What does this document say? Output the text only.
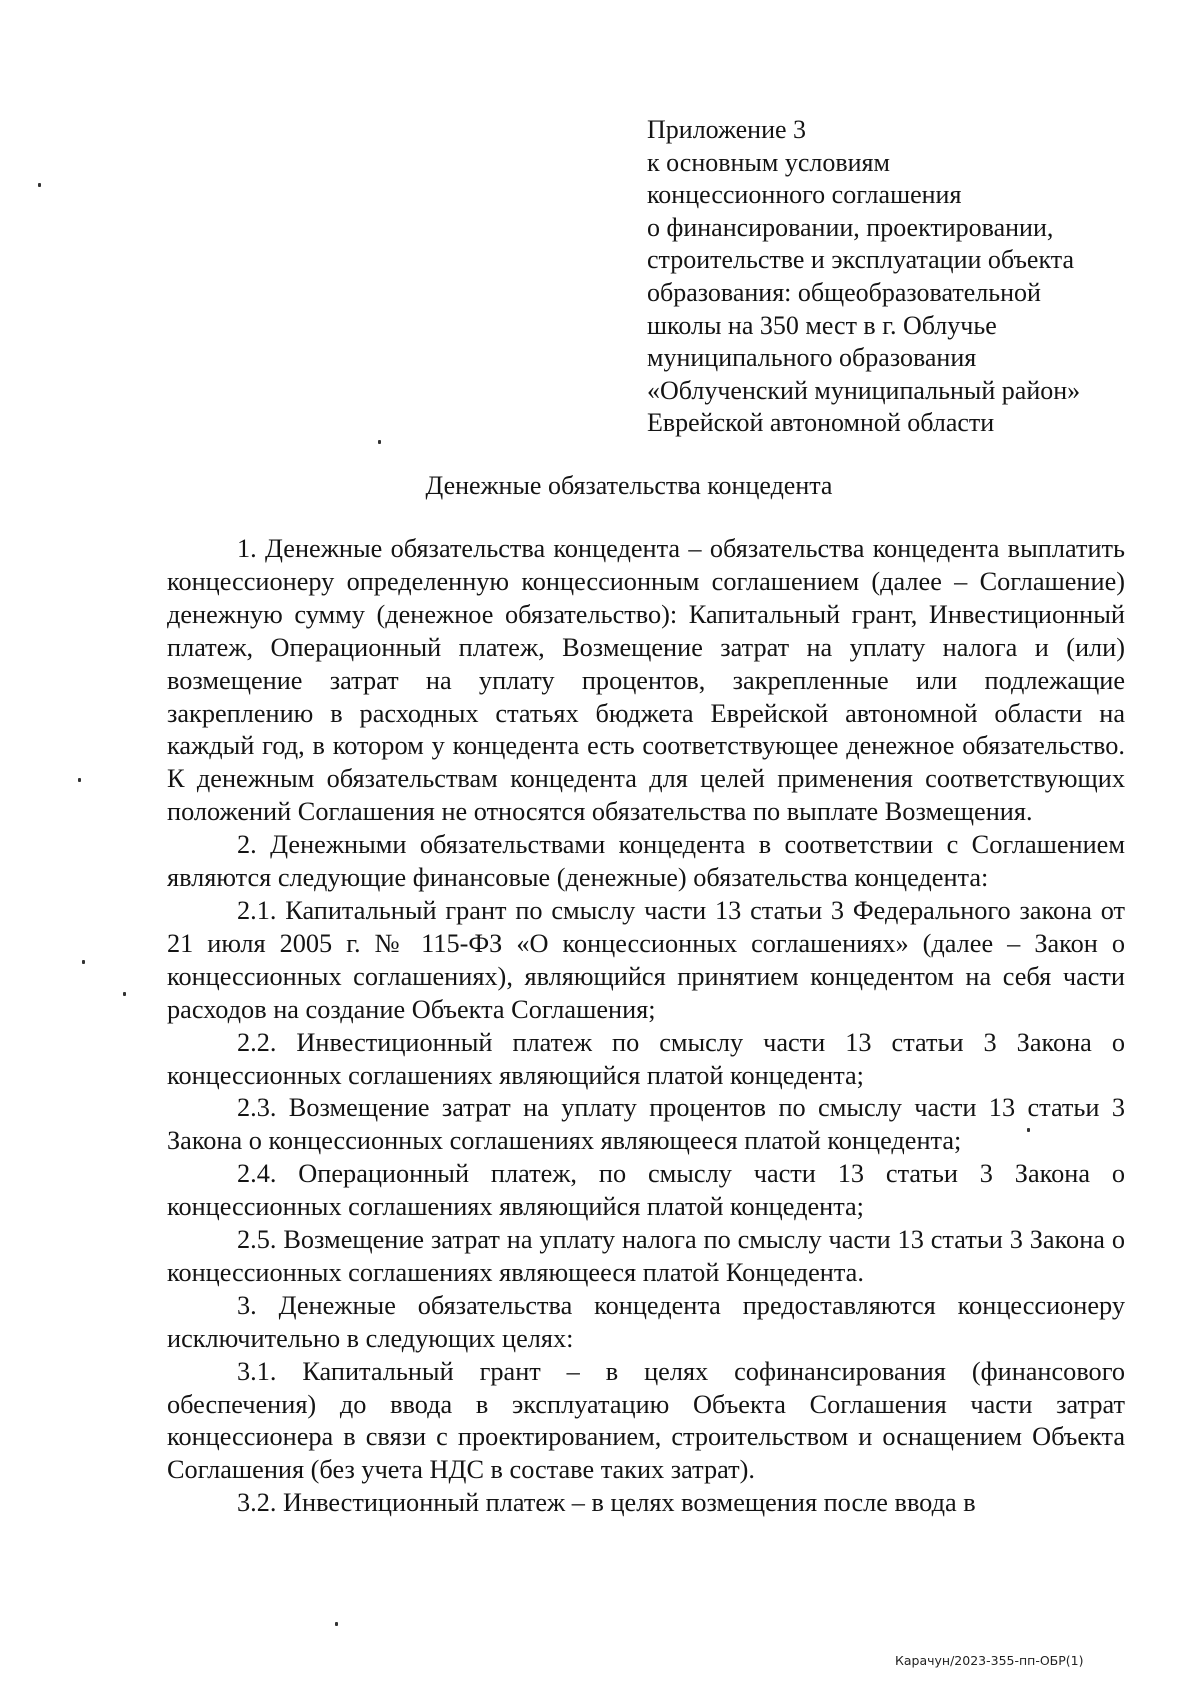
Приложение 3
к основным условиям
концессионного соглашения
о финансировании, проектировании,
строительстве и эксплуатации объекта
образования: общеобразовательной
школы на 350 мест в г. Облучье
муниципального образования
«Облученский муниципальный район»
Еврейской автономной области
Денежные обязательства концедента

1. Денежные обязательства концедента – обязательства концедента выплатить концессионеру определенную концессионным соглашением (далее – Соглашение) денежную сумму (денежное обязательство): Капитальный грант, Инвестиционный платеж, Операционный платеж, Возмещение затрат на уплату налога и (или) возмещение затрат на уплату процентов, закрепленные или подлежащие закреплению в расходных статьях бюджета Еврейской автономной области на каждый год, в котором у концедента есть соответствующее денежное обязательство. К денежным обязательствам концедента для целей применения соответствующих положений Соглашения не относятся обязательства по выплате Возмещения.

2. Денежными обязательствами концедента в соответствии с Соглашением являются следующие финансовые (денежные) обязательства концедента:

2.1. Капитальный грант по смыслу части 13 статьи 3 Федерального закона от 21 июля 2005 г. № 115-ФЗ «О концессионных соглашениях» (далее – Закон о концессионных соглашениях), являющийся принятием концедентом на себя части расходов на создание Объекта Соглашения;

2.2. Инвестиционный платеж по смыслу части 13 статьи 3 Закона о концессионных соглашениях являющийся платой концедента;

2.3. Возмещение затрат на уплату процентов по смыслу части 13 статьи 3 Закона о концессионных соглашениях являющееся платой концедента;

2.4. Операционный платеж, по смыслу части 13 статьи 3 Закона о концессионных соглашениях являющийся платой концедента;

2.5. Возмещение затрат на уплату налога по смыслу части 13 статьи 3 Закона о концессионных соглашениях являющееся платой Концедента.

3. Денежные обязательства концедента предоставляются концессионеру исключительно в следующих целях:

3.1. Капитальный грант – в целях софинансирования (финансового обеспечения) до ввода в эксплуатацию Объекта Соглашения части затрат концессионера в связи с проектированием, строительством и оснащением Объекта Соглашения (без учета НДС в составе таких затрат).

3.2. Инвестиционный платеж – в целях возмещения после ввода в

Карачун/2023-355-пп-ОБР(1)
